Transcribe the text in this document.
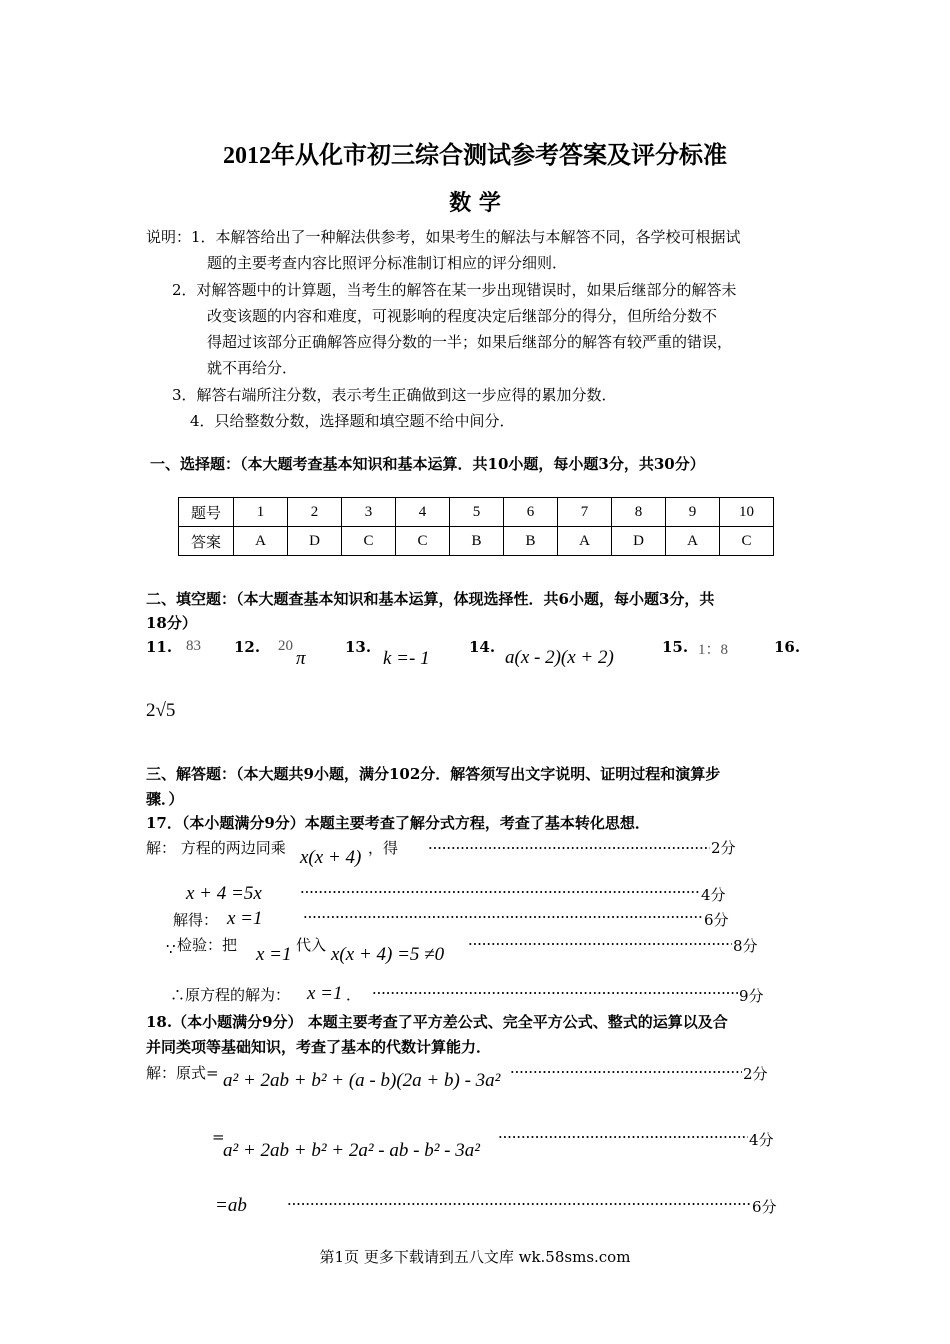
2012年从化市初三综合测试参考答案及评分标准
数 学
说明：1．本解答给出了一种解法供参考，如果考生的解法与本解答不同，各学校可根据试
题的主要考查内容比照评分标准制订相应的评分细则．
2．对解答题中的计算题，当考生的解答在某一步出现错误时，如果后继部分的解答未
改变该题的内容和难度，可视影响的程度决定后继部分的得分，但所给分数不
得超过该部分正确解答应得分数的一半；如果后继部分的解答有较严重的错误，
就不再给分．
3．解答右端所注分数，表示考生正确做到这一步应得的累加分数．
4．只给整数分数，选择题和填空题不给中间分．
一、选择题：（本大题考查基本知识和基本运算．共10小题，每小题3分，共30分）
题号	1	2	3	4	5	6	7	8	9	10
答案	A	D	C	C	B	B	A	D	A	C
二、填空题：（本大题查基本知识和基本运算，体现选择性．共6小题，每小题3分，共
18分）
11. 83 12. 20
π
13.
k =- 1
14. a(x - 2)(x + 2)	15. 1：8	16.
2√5
三、解答题：（本大题共9小题，满分102分．解答须写出文字说明、证明过程和演算步
骤．）
17．（本小题满分9分）本题主要考查了解分式方程，考查了基本转化思想．
解： 方程的两边同乘 x(x + 4) ，得	2分
x + 4 =5x	4分
解得： x =1	6分
∵ 检验：把 x =1 代入 x(x + 4) =5 ≠0	8分
∴原方程的解为： x =1 ．	9分
18.（本小题满分9分） 本题主要考查了平方差公式、完全平方公式、整式的运算以及合
并同类项等基础知识，考查了基本的代数计算能力．
解：原式= a² + 2ab + b² + (a - b)(2a + b) - 3a²	2分
=
a² + 2ab + b² + 2a² - ab - b² - 3a²	4分
=ab	6分
第1页 更多下载请到五八文库 wk.58sms.com
